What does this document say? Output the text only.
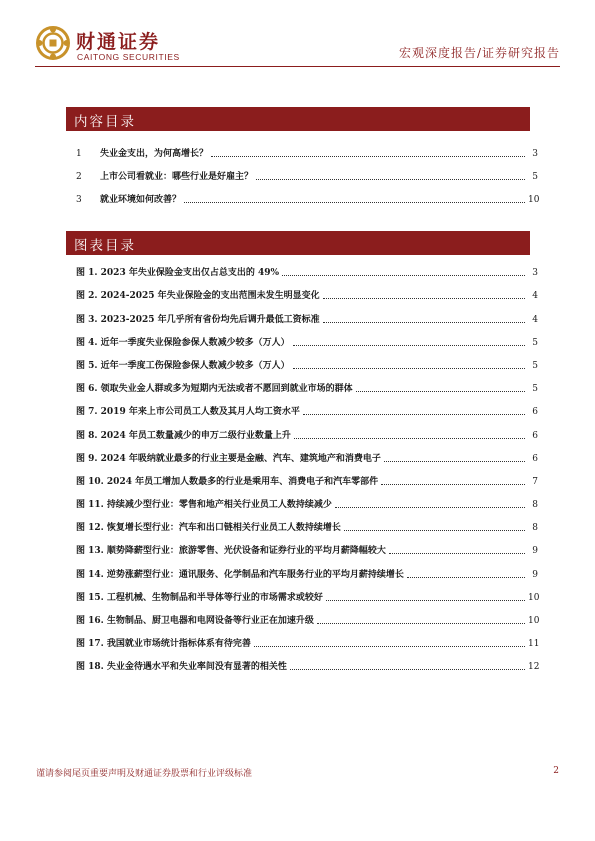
财通证券
CAITONG SECURITIES	宏观深度报告/证券研究报告
内容目录
1	失业金支出，为何高增长？	3
2	上市公司看就业：哪些行业是好雇主？	5
3	就业环境如何改善？	10
图表目录
图 1. 2023 年失业保险金支出仅占总支出的 49%	3
图 2. 2024-2025 年失业保险金的支出范围未发生明显变化	4
图 3. 2023-2025 年几乎所有省份均先后调升最低工资标准	4
图 4. 近年一季度失业保险参保人数减少较多（万人）	5
图 5. 近年一季度工伤保险参保人数减少较多（万人）	5
图 6. 领取失业金人群或多为短期内无法或者不愿回到就业市场的群体	5
图 7. 2019 年来上市公司员工人数及其月人均工资水平	6
图 8. 2024 年员工数量减少的申万二级行业数量上升	6
图 9. 2024 年吸纳就业最多的行业主要是金融、汽车、建筑地产和消费电子	6
图 10. 2024 年员工增加人数最多的行业是乘用车、消费电子和汽车零部件	7
图 11. 持续减少型行业：零售和地产相关行业员工人数持续减少	8
图 12. 恢复增长型行业：汽车和出口链相关行业员工人数持续增长	8
图 13. 顺势降薪型行业：旅游零售、光伏设备和证券行业的平均月薪降幅较大	9
图 14. 逆势涨薪型行业：通讯服务、化学制品和汽车服务行业的平均月薪持续增长	9
图 15. 工程机械、生物制品和半导体等行业的市场需求或较好	10
图 16. 生物制品、厨卫电器和电网设备等行业正在加速升级	10
图 17. 我国就业市场统计指标体系有待完善	11
图 18. 失业金待遇水平和失业率间没有显著的相关性	12
谨请参阅尾页重要声明及财通证券股票和行业评级标准	2
